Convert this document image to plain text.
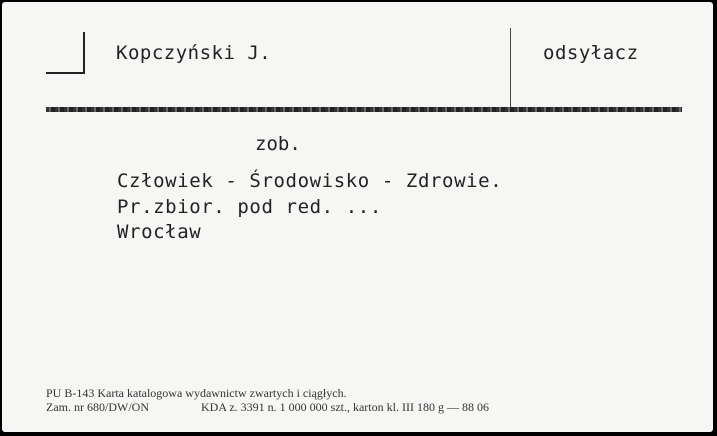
Kopczyński J.	odsyłacz
zob.
Człowiek - Środowisko - Zdrowie.
Pr.zbior. pod red. ...
Wrocław
PU B-143 Karta katalogowa wydawnictw zwartych i ciągłych.
Zam. nr 680/DW/ON	KDA z. 3391 n. 1 000 000 szt., karton kl. III 180 g — 88 06
